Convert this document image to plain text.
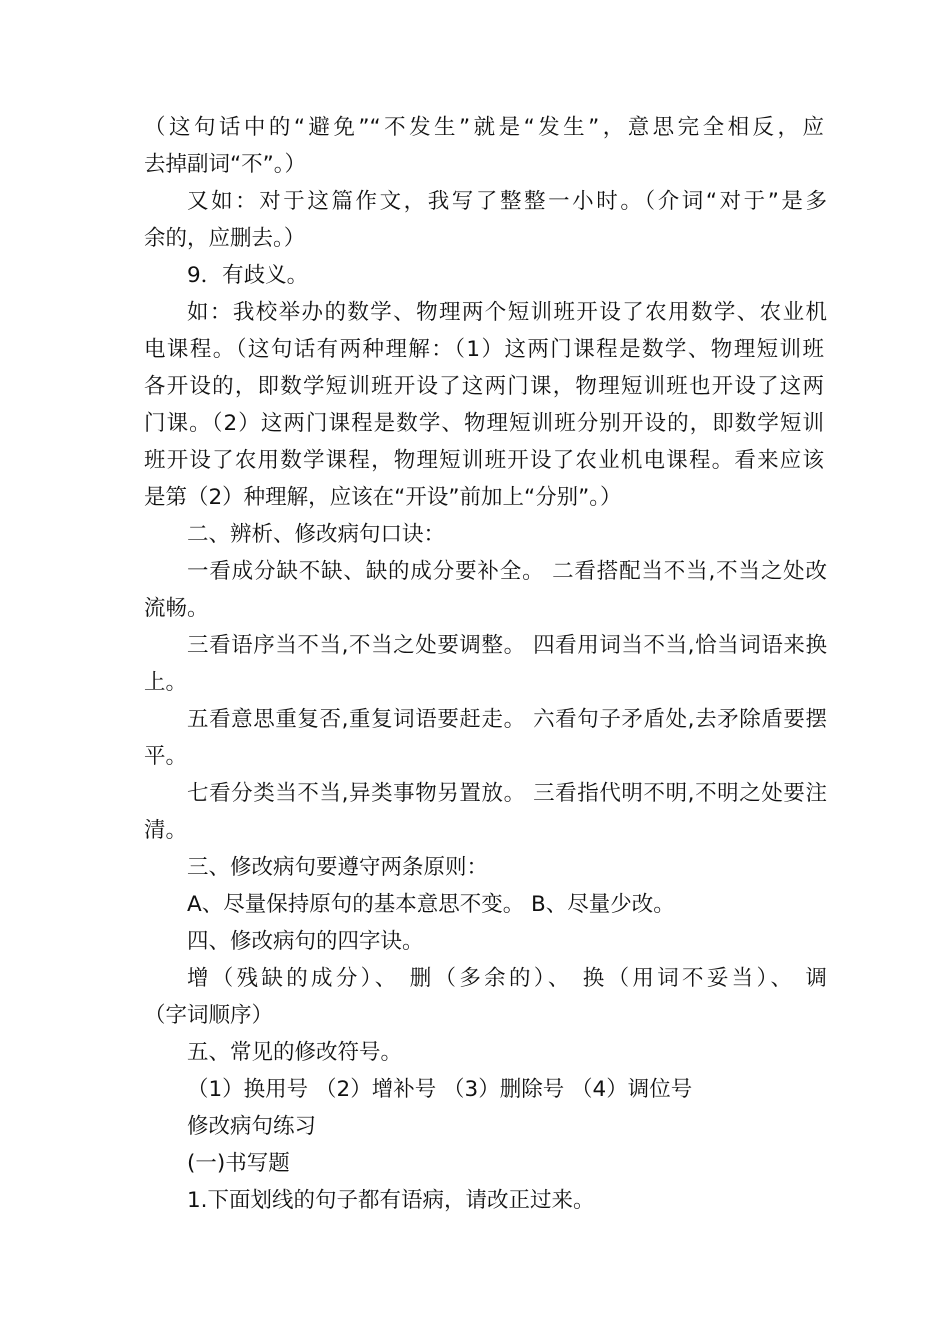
（这句话中的“避免”“不发生”就是“发生”，意思完全相反，应
去掉副词“不”。）
又如：对于这篇作文，我写了整整一小时。（介词“对于”是多
余的，应删去。）
9．有歧义。
如：我校举办的数学、物理两个短训班开设了农用数学、农业机
电课程。（这句话有两种理解：（1）这两门课程是数学、物理短训班
各开设的，即数学短训班开设了这两门课，物理短训班也开设了这两
门课。（2）这两门课程是数学、物理短训班分别开设的，即数学短训
班开设了农用数学课程，物理短训班开设了农业机电课程。看来应该
是第（2）种理解，应该在“开设”前加上“分别”。）
二、辨析、修改病句口诀：
一看成分缺不缺、缺的成分要补全。 二看搭配当不当,不当之处改
流畅。
三看语序当不当,不当之处要调整。 四看用词当不当,恰当词语来换
上。
五看意思重复否,重复词语要赶走。 六看句子矛盾处,去矛除盾要摆
平。
七看分类当不当,异类事物另置放。 三看指代明不明,不明之处要注
清。
三、修改病句要遵守两条原则：
A、尽量保持原句的基本意思不变。 B、尽量少改。
四、修改病句的四字诀。
增（残缺的成分）、 删（多余的）、 换（用词不妥当）、 调
（字词顺序）
五、常见的修改符号。
（1）换用号 （2）增补号 （3）删除号 （4）调位号
修改病句练习
(一)书写题
1.下面划线的句子都有语病，请改正过来。
